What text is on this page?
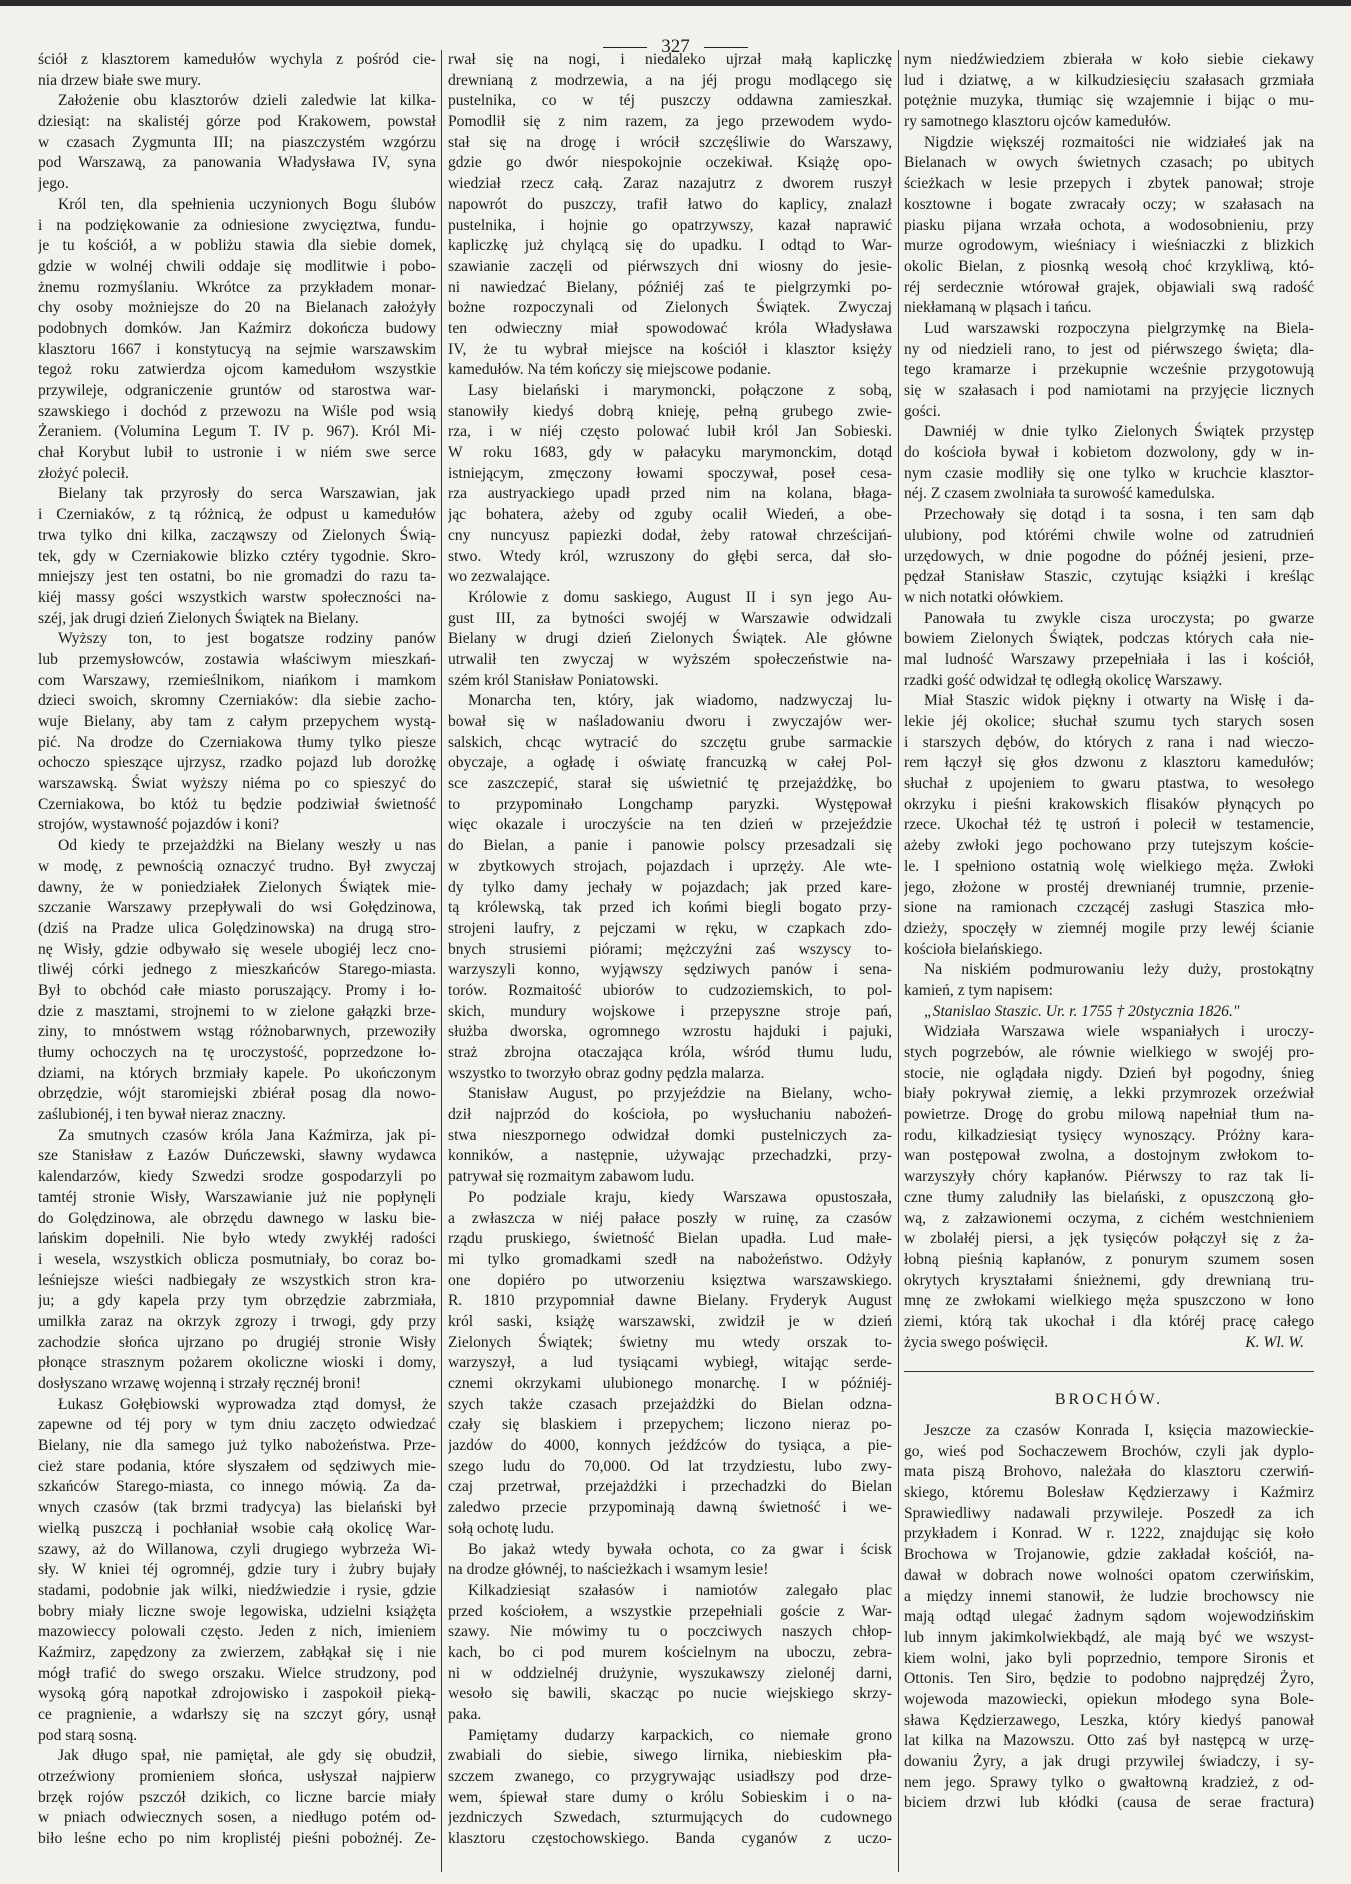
327
ściół z klasztorem kamedułów wychyla z pośród cie-
nia drzew białe swe mury.
Założenie obu klasztorów dzieli zaledwie lat kilka-
dziesiąt: na skalistéj górze pod Krakowem, powstał
w czasach Zygmunta III; na piaszczystém wzgórzu
pod Warszawą, za panowania Władysława IV, syna
jego.
Król ten, dla spełnienia uczynionych Bogu ślubów
i na podziękowanie za odniesione zwycięztwa, fundu-
je tu kościół, a w pobliżu stawia dla siebie domek,
gdzie w wolnéj chwili oddaje się modlitwie i pobo-
żnemu rozmyślaniu. Wkrótce za przykładem monar-
chy osoby możniejsze do 20 na Bielanach założyły
podobnych domków. Jan Kaźmirz dokończa budowy
klasztoru 1667 i konstytucyą na sejmie warszawskim
tegoż roku zatwierdza ojcom kamedułom wszystkie
przywileje, odgraniczenie gruntów od starostwa war-
szawskiego i dochód z przewozu na Wiśle pod wsią
Żeraniem. (Volumina Legum T. IV p. 967). Król Mi-
chał Korybut lubił to ustronie i w niém swe serce
złożyć polecił.
Bielany tak przyrosły do serca Warszawian, jak
i Czerniaków, z tą różnicą, że odpust u kamedułów
trwa tylko dni kilka, zacząwszy od Zielonych Świą-
tek, gdy w Czerniakowie blizko cztéry tygodnie. Skro-
mniejszy jest ten ostatni, bo nie gromadzi do razu ta-
kiéj massy gości wszystkich warstw społeczności na-
széj, jak drugi dzień Zielonych Świątek na Bielany.
Wyższy ton, to jest bogatsze rodziny panów
lub przemysłowców, zostawia właściwym mieszkań-
com Warszawy, rzemieślnikom, niańkom i mamkom
dzieci swoich, skromny Czerniaków: dla siebie zacho-
wuje Bielany, aby tam z całym przepychem wystą-
pić. Na drodze do Czerniakowa tłumy tylko piesze
ochoczo spieszące ujrzysz, rzadko pojazd lub dorożkę
warszawską. Świat wyższy niéma po co spieszyć do
Czerniakowa, bo któż tu będzie podziwiał świetność
strojów, wystawność pojazdów i koni?
Od kiedy te przejażdżki na Bielany weszły u nas
w modę, z pewnością oznaczyć trudno. Był zwyczaj
dawny, że w poniedziałek Zielonych Świątek mie-
szczanie Warszawy przepływali do wsi Gołędzinowa,
(dziś na Pradze ulica Golędzinowska) na drugą stro-
nę Wisły, gdzie odbywało się wesele ubogiéj lecz cno-
tliwéj córki jednego z mieszkańców Starego-miasta.
Był to obchód całe miasto poruszający. Promy i ło-
dzie z masztami, strojnemi to w zielone gałązki brze-
ziny, to mnóstwem wstąg różnobarwnych, przewoziły
tłumy ochoczych na tę uroczystość, poprzedzone ło-
dziami, na których brzmiały kapele. Po ukończonym
obrzędzie, wójt staromiejski zbiérał posag dla nowo-
zaślubionéj, i ten bywał nieraz znaczny.
Za smutnych czasów króla Jana Kaźmirza, jak pi-
sze Stanisław z Łazów Duńczewski, sławny wydawca
kalendarzów, kiedy Szwedzi srodze gospodarzyli po
tamtéj stronie Wisły, Warszawianie już nie popłynęli
do Golędzinowa, ale obrzędu dawnego w lasku bie-
lańskim dopełnili. Nie było wtedy zwykłéj radości
i wesela, wszystkich oblicza posmutniały, bo coraz bo-
leśniejsze wieści nadbiegały ze wszystkich stron kra-
ju; a gdy kapela przy tym obrzędzie zabrzmiała,
umilkła zaraz na okrzyk zgrozy i trwogi, gdy przy
zachodzie słońca ujrzano po drugiéj stronie Wisły
płonące strasznym pożarem okoliczne wioski i domy,
dosłyszano wrzawę wojenną i strzały ręcznéj broni!
Łukasz Gołębiowski wyprowadza ztąd domysł, że
zapewne od téj pory w tym dniu zaczęto odwiedzać
Bielany, nie dla samego już tylko nabożeństwa. Prze-
cież stare podania, które słyszałem od sędziwych mie-
szkańców Starego-miasta, co innego mówią. Za da-
wnych czasów (tak brzmi tradycya) las bielański był
wielką puszczą i pochłaniał wsobie całą okolicę War-
szawy, aż do Willanowa, czyli drugiego wybrzeża Wi-
sły. W kniei téj ogromnéj, gdzie tury i żubry bujały
stadami, podobnie jak wilki, niedźwiedzie i rysie, gdzie
bobry miały liczne swoje legowiska, udzielni książęta
mazowieccy polowali często. Jeden z nich, imieniem
Kaźmirz, zapędzony za zwierzem, zabłąkał się i nie
mógł trafić do swego orszaku. Wielce strudzony, pod
wysoką górą napotkał zdrojowisko i zaspokoił pieką-
ce pragnienie, a wdarłszy się na szczyt góry, usnął
pod starą sosną.
Jak długo spał, nie pamiętał, ale gdy się obudził,
otrzeźwiony promieniem słońca, usłyszał najpierw
brzęk rojów pszczół dzikich, co liczne barcie miały
w pniach odwiecznych sosen, a niedługo potém od-
biło leśne echo po nim kroplistéj pieśni pobożnéj. Ze-
rwał się na nogi, i niedaleko ujrzał małą kapliczkę
drewnianą z modrzewia, a na jéj progu modlącego się
pustelnika, co w téj puszczy oddawna zamieszkał.
Pomodlił się z nim razem, za jego przewodem wydo-
stał się na drogę i wrócił szczęśliwie do Warszawy,
gdzie go dwór niespokojnie oczekiwał. Książę opo-
wiedział rzecz całą. Zaraz nazajutrz z dworem ruszył
napowrót do puszczy, trafił łatwo do kaplicy, znalazł
pustelnika, i hojnie go opatrzywszy, kazał naprawić
kapliczkę już chylącą się do upadku. I odtąd to War-
szawianie zaczęli od piérwszych dni wiosny do jesie-
ni nawiedzać Bielany, późniéj zaś te pielgrzymki po-
bożne rozpoczynali od Zielonych Świątek. Zwyczaj
ten odwieczny miał spowodować króla Władysława
IV, że tu wybrał miejsce na kościół i klasztor księży
kamedułów. Na tém kończy się miejscowe podanie.
Lasy bielański i marymoncki, połączone z sobą,
stanowiły kiedyś dobrą knieję, pełną grubego zwie-
rza, i w niéj często polować lubił król Jan Sobieski.
W roku 1683, gdy w pałacyku marymonckim, dotąd
istniejącym, zmęczony łowami spoczywał, poseł cesa-
rza austryackiego upadł przed nim na kolana, błaga-
jąc bohatera, ażeby od zguby ocalił Wiedeń, a obe-
cny nuncyusz papiezki dodał, żeby ratował chrześcijań-
stwo. Wtedy król, wzruszony do głębi serca, dał sło-
wo zezwalające.
Królowie z domu saskiego, August II i syn jego Au-
gust III, za bytności swojéj w Warszawie odwidzali
Bielany w drugi dzień Zielonych Świątek. Ale główne
utrwalił ten zwyczaj w wyższém społeczeństwie na-
szém król Stanisław Poniatowski.
Monarcha ten, który, jak wiadomo, nadzwyczaj lu-
bował się w naśladowaniu dworu i zwyczajów wer-
salskich, chcąc wytracić do szczętu grube sarmackie
obyczaje, a ogładę i oświatę francuzką w całej Pol-
sce zaszczepić, starał się uświetnić tę przejażdżkę, bo
to przypominało Longchamp paryzki. Występował
więc okazale i uroczyście na ten dzień w przejeździe
do Bielan, a panie i panowie polscy przesadzali się
w zbytkowych strojach, pojazdach i uprzęży. Ale wte-
dy tylko damy jechały w pojazdach; jak przed kare-
tą królewską, tak przed ich końmi biegli bogato przy-
strojeni laufry, z pejczami w ręku, w czapkach zdo-
bnych strusiemi piórami; mężczyźni zaś wszyscy to-
warzyszyli konno, wyjąwszy sędziwych panów i sena-
torów. Rozmaitość ubiorów to cudzoziemskich, to pol-
skich, mundury wojskowe i przepyszne stroje pań,
służba dworska, ogromnego wzrostu hajduki i pajuki,
straż zbrojna otaczająca króla, wśród tłumu ludu,
wszystko to tworzyło obraz godny pędzla malarza.
Stanisław August, po przyjeździe na Bielany, wcho-
dził najprzód do kościoła, po wysłuchaniu nabożeń-
stwa nieszpornego odwidzał domki pustelniczych za-
konników, a następnie, używając przechadzki, przy-
patrywał się rozmaitym zabawom ludu.
Po podziale kraju, kiedy Warszawa opustoszała,
a zwłaszcza w niéj pałace poszły w ruinę, za czasów
rządu pruskiego, świetność Bielan upadła. Lud małe-
mi tylko gromadkami szedł na nabożeństwo. Odżyły
one dopiéro po utworzeniu księztwa warszawskiego.
R. 1810 przypomniał dawne Bielany. Fryderyk August
król saski, książę warszawski, zwidził je w dzień
Zielonych Świątek; świetny mu wtedy orszak to-
warzyszył, a lud tysiącami wybiegł, witając serde-
cznemi okrzykami ulubionego monarchę. I w późniéj-
szych także czasach przejażdżki do Bielan odzna-
czały się blaskiem i przepychem; liczono nieraz po-
jazdów do 4000, konnych jeźdźców do tysiąca, a pie-
szego ludu do 70,000. Od lat trzydziestu, lubo zwy-
czaj przetrwał, przejażdżki i przechadzki do Bielan
zaledwo przecie przypominają dawną świetność i we-
sołą ochotę ludu.
Bo jakaż wtedy bywała ochota, co za gwar i ścisk
na drodze głównéj, to naścieżkach i wsamym lesie!
Kilkadziesiąt szałasów i namiotów zalegało plac
przed kościołem, a wszystkie przepełniali goście z War-
szawy. Nie mówimy tu o poczciwych naszych chłop-
kach, bo ci pod murem kościelnym na uboczu, zebra-
ni w oddzielnéj drużynie, wyszukawszy zielonéj darni,
wesoło się bawili, skacząc po nucie wiejskiego skrzy-
paka.
Pamiętamy dudarzy karpackich, co niemałe grono
zwabiali do siebie, siwego lirnika, niebieskim pła-
szczem zwanego, co przygrywając usiadłszy pod drze-
wem, śpiewał stare dumy o królu Sobieskim i o na-
jezdniczych Szwedach, szturmujących do cudownego
klasztoru częstochowskiego. Banda cyganów z uczo-
nym niedźwiedziem zbierała w koło siebie ciekawy
lud i dziatwę, a w kilkudziesięciu szałasach grzmiała
potężnie muzyka, tłumiąc się wzajemnie i bijąc o mu-
ry samotnego klasztoru ojców kamedułów.
Nigdzie większéj rozmaitości nie widziałeś jak na
Bielanach w owych świetnych czasach; po ubitych
ścieżkach w lesie przepych i zbytek panował; stroje
kosztowne i bogate zwracały oczy; w szałasach na
piasku pijana wrzała ochota, a wodosobnieniu, przy
murze ogrodowym, wieśniacy i wieśniaczki z blizkich
okolic Bielan, z piosnką wesołą choć krzykliwą, któ-
réj serdecznie wtórował grajek, objawiali swą radość
niekłamaną w pląsach i tańcu.
Lud warszawski rozpoczyna pielgrzymkę na Biela-
ny od niedzieli rano, to jest od piérwszego święta; dla-
tego kramarze i przekupnie wcześnie przygotowują
się w szałasach i pod namiotami na przyjęcie licznych
gości.
Dawniéj w dnie tylko Zielonych Świątek przystęp
do kościoła bywał i kobietom dozwolony, gdy w in-
nym czasie modliły się one tylko w kruchcie klasztor-
néj. Z czasem zwolniała ta surowość kamedulska.
Przechowały się dotąd i ta sosna, i ten sam dąb
ulubiony, pod którémi chwile wolne od zatrudnień
urzędowych, w dnie pogodne do późnéj jesieni, prze-
pędzał Stanisław Staszic, czytując książki i kreśląc
w nich notatki ołówkiem.
Panowała tu zwykle cisza uroczysta; po gwarze
bowiem Zielonych Świątek, podczas których cała nie-
mal ludność Warszawy przepełniała i las i kościół,
rzadki gość odwidzał tę odległą okolicę Warszawy.
Miał Staszic widok piękny i otwarty na Wisłę i da-
lekie jéj okolice; słuchał szumu tych starych sosen
i starszych dębów, do których z rana i nad wieczo-
rem łączył się głos dzwonu z klasztoru kamedułów;
słuchał z upojeniem to gwaru ptastwa, to wesołego
okrzyku i pieśni krakowskich flisaków płynących po
rzece. Ukochał téż tę ustroń i polecił w testamencie,
ażeby zwłoki jego pochowano przy tutejszym koście-
le. I spełniono ostatnią wolę wielkiego męża. Zwłoki
jego, złożone w prostéj drewnianéj trumnie, przenie-
sione na ramionach czczącéj zasługi Staszica mło-
dzieży, spoczęły w ziemnéj mogile przy lewéj ścianie
kościoła bielańskiego.
Na niskiém podmurowaniu leży duży, prostokątny
kamień, z tym napisem:
„Stanislao Staszic. Ur. r. 1755 † 20stycznia 1826."
Widziała Warszawa wiele wspaniałych i uroczy-
stych pogrzebów, ale równie wielkiego w swojéj pro-
stocie, nie oglądała nigdy. Dzień był pogodny, śnieg
biały pokrywał ziemię, a lekki przymrozek orzeźwiał
powietrze. Drogę do grobu milową napełniał tłum na-
rodu, kilkadziesiąt tysięcy wynoszący. Próżny kara-
wan postępował zwolna, a dostojnym zwłokom to-
warzyszyły chóry kapłanów. Piérwszy to raz tak li-
czne tłumy zaludniły las bielański, z opuszczoną gło-
wą, z załzawionemi oczyma, z cichém westchnieniem
w zbolałéj piersi, a jęk tysięców połączył się z ża-
łobną pieśnią kapłanów, z ponurym szumem sosen
okrytych kryształami śnieżnemi, gdy drewnianą tru-
mnę ze zwłokami wielkiego męża spuszczono w łono
ziemi, którą tak ukochał i dla któréj pracę całego
życia swego poświęcił.	K. Wl. W.
BROCHÓW.
Jeszcze za czasów Konrada I, księcia mazowieckie-
go, wieś pod Sochaczewem Brochów, czyli jak dyplo-
mata piszą Brohovo, należała do klasztoru czerwiń-
skiego, któremu Bolesław Kędzierzawy i Kaźmirz
Sprawiedliwy nadawali przywileje. Poszedł za ich
przykładem i Konrad. W r. 1222, znajdując się koło
Brochowa w Trojanowie, gdzie zakładał kościół, na-
dawał w dobrach nowe wolności opatom czerwińskim,
a między innemi stanowił, że ludzie brochowscy nie
mają odtąd ulegać żadnym sądom wojewodzińskim
lub innym jakimkolwiekbądź, ale mają być we wszyst-
kiem wolni, jako byli poprzednio, tempore Sironis et
Ottonis. Ten Siro, będzie to podobno najprędzéj Żyro,
wojewoda mazowiecki, opiekun młodego syna Bole-
sława Kędzierzawego, Leszka, który kiedyś panował
lat kilka na Mazowszu. Otto zaś był następcą w urzę-
dowaniu Żyry, a jak drugi przywilej świadczy, i sy-
nem jego. Sprawy tylko o gwałtowną kradzież, z od-
biciem drzwi lub kłódki (causa de serae fractura)
